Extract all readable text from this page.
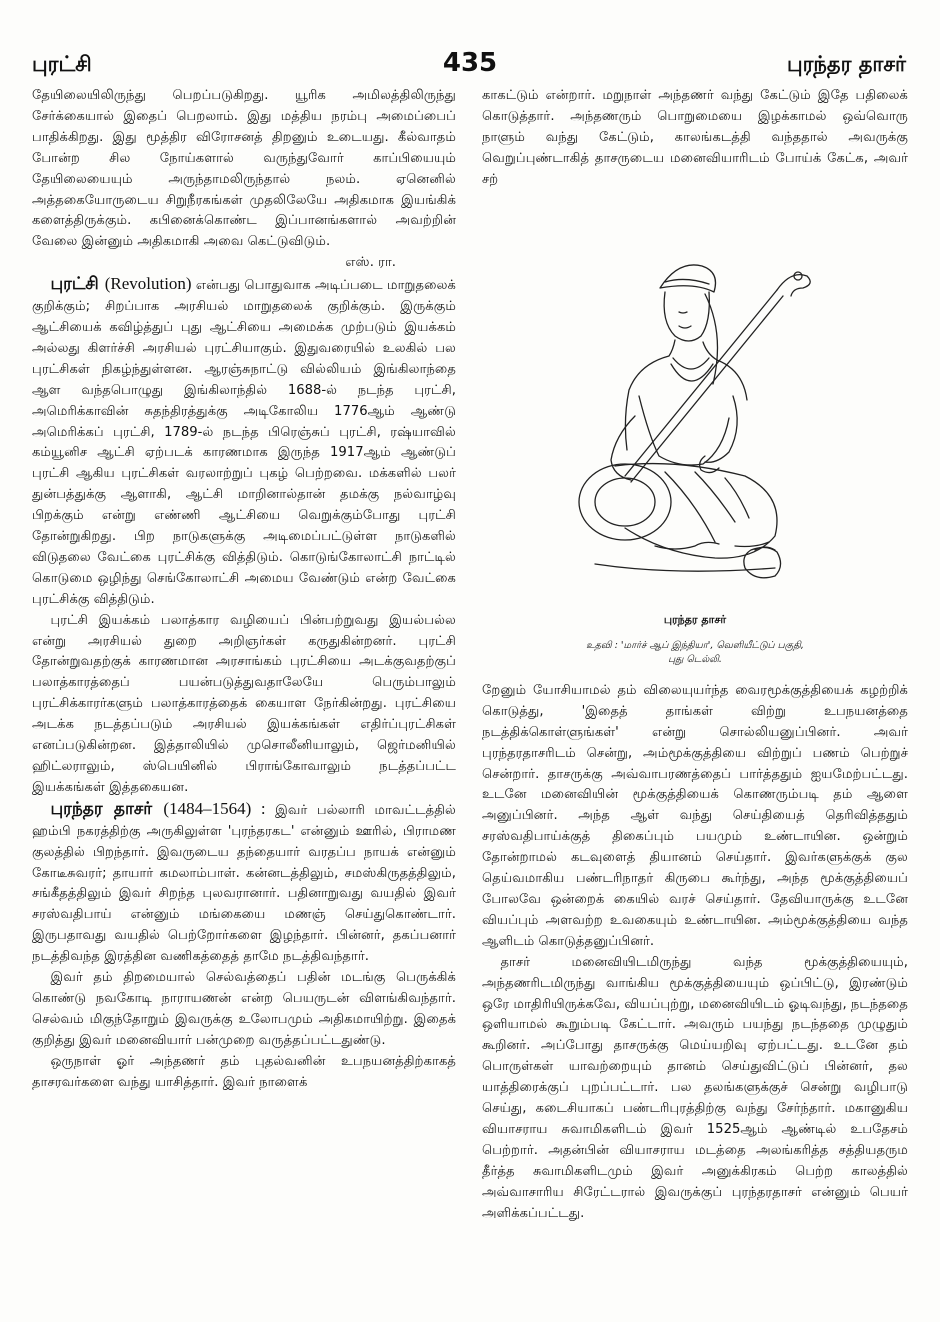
புரட்சி	435	புரந்தர தாசர்

தேயிலையிலிருந்து பெறப்படுகிறது. யூரிக அமிலத்திலிருந்து சேர்க்கையால் இதைப் பெறலாம். இது மத்திய நரம்பு அமைப்பைப் பாதிக்கிறது. இது மூத்திர விரோசனத் திறனும் உடையது. கீல்வாதம் போன்ற சில நோய்களால் வருந்துவோர் காப்பியையும் தேயிலையையும் அருந்தாமலிருந்தால் நலம். ஏனெனில் அத்தகையோருடைய சிறுநீரகங்கள் முதலிலேயே அதிகமாக இயங்கிக் களைத்திருக்கும். கபினைக்கொண்ட இப்பானங்களால் அவற்றின் வேலை இன்னும் அதிகமாகி அவை கெட்டுவிடும்.

எஸ். ரா.

புரட்சி (Revolution) என்பது பொதுவாக அடிப்படை மாறுதலைக் குறிக்கும்; சிறப்பாக அரசியல் மாறுதலைக் குறிக்கும். இருக்கும் ஆட்சியைக் கவிழ்த்துப் புது ஆட்சியை அமைக்க முற்படும் இயக்கம் அல்லது கிளர்ச்சி அரசியல் புரட்சியாகும். இதுவரையில் உலகில் பல புரட்சிகள் நிகழ்ந்துள்ளன. ஆரஞ்சுநாட்டு வில்லியம் இங்கிலாந்தை ஆள வந்தபொழுது இங்கிலாந்தில் 1688-ல் நடந்த புரட்சி, அமெரிக்காவின் சுதந்திரத்துக்கு அடிகோலிய 1776ஆம் ஆண்டு அமெரிக்கப் புரட்சி, 1789-ல் நடந்த பிரெஞ்சுப் புரட்சி, ரஷ்யாவில் கம்யூனிச ஆட்சி ஏற்படக் காரணமாக இருந்த 1917ஆம் ஆண்டுப் புரட்சி ஆகிய புரட்சிகள் வரலாற்றுப் புகழ் பெற்றவை. மக்களில் பலர் துன்பத்துக்கு ஆளாகி, ஆட்சி மாறினால்தான் தமக்கு நல்வாழ்வு பிறக்கும் என்று எண்ணி ஆட்சியை வெறுக்கும்போது புரட்சி தோன்றுகிறது. பிற நாடுகளுக்கு அடிமைப்பட்டுள்ள நாடுகளில் விடுதலை வேட்கை புரட்சிக்கு வித்திடும். கொடுங்கோலாட்சி நாட்டில் கொடுமை ஒழிந்து செங்கோலாட்சி அமைய வேண்டும் என்ற வேட்கை புரட்சிக்கு வித்திடும்.

புரட்சி இயக்கம் பலாத்கார வழியைப் பின்பற்றுவது இயல்பல்ல என்று அரசியல் துறை அறிஞர்கள் கருதுகின்றனர். புரட்சி தோன்றுவதற்குக் காரணமான அரசாங்கம் புரட்சியை அடக்குவதற்குப் பலாத்காரத்தைப் பயன்படுத்துவதாலேயே பெரும்பாலும் புரட்சிக்காரர்களும் பலாத்காரத்தைக் கையாள நேர்கின்றது. புரட்சியை அடக்க நடத்தப்படும் அரசியல் இயக்கங்கள் எதிர்ப்புரட்சிகள் எனப்படுகின்றன. இத்தாலியில் முசொலீனியாலும், ஜெர்மனியில் ஹிட்லராலும், ஸ்பெயினில் பிராங்கோவாலும் நடத்தப்பட்ட இயக்கங்கள் இத்தகையன.

புரந்தர தாசர் (1484–1564) : இவர் பல்லாரி மாவட்டத்தில் ஹம்பி நகரத்திற்கு அருகிலுள்ள 'புரந்தரகட' என்னும் ஊரில், பிராமண குலத்தில் பிறந்தார். இவருடைய தந்தையார் வரதப்ப நாயக் என்னும் கோடீசுவரர்; தாயார் கமலாம்பாள். கன்னடத்திலும், சமஸ்கிருதத்திலும், சங்கீதத்திலும் இவர் சிறந்த புலவரானார். பதினாறுவது வயதில் இவர் சரஸ்வதிபாய் என்னும் மங்கையை மணஞ் செய்துகொண்டார். இருபதாவது வயதில் பெற்றோர்களை இழந்தார். பின்னர், தகப்பனார் நடத்திவந்த இரத்தின வணிகத்தைத் தாமே நடத்திவந்தார்.

இவர் தம் திறமையால் செல்வத்தைப் பதின் மடங்கு பெருக்கிக் கொண்டு நவகோடி நாராயணன் என்ற பெயருடன் விளங்கிவந்தார். செல்வம் மிகுந்தோறும் இவருக்கு உலோபமும் அதிகமாயிற்று. இதைக் குறித்து இவர் மனைவியார் பன்முறை வருத்தப்பட்டதுண்டு.

ஒருநாள் ஓர் அந்தணர் தம் புதல்வனின் உபநயனத்திற்காகத் தாசரவர்களை வந்து யாசித்தார். இவர் நாளைக்

காகட்டும் என்றார். மறுநாள் அந்தணர் வந்து கேட்டும் இதே பதிலைக் கொடுத்தார். அந்தணரும் பொறுமையை இழக்காமல் ஒவ்வொரு நாளும் வந்து கேட்டும், காலங்கடத்தி வந்ததால் அவருக்கு வெறுப்புண்டாகித் தாசருடைய மனைவியாரிடம் போய்க் கேட்க, அவர் சற்

புரந்தர தாசர்
உதவி : 'மார்ச் ஆப் இந்தியா', வெளியீட்டுப் பகுதி,
புது டெல்லி.

றேனும் யோசியாமல் தம் விலையுயர்ந்த வைரமூக்குத்தியைக் கழற்றிக் கொடுத்து, 'இதைத் தாங்கள் விற்று உபநயனத்தை நடத்திக்கொள்ளுங்கள்' என்று சொல்லியனுப்பினர். அவர் புரந்தரதாசரிடம் சென்று, அம்மூக்குத்தியை விற்றுப் பணம் பெற்றுச் சென்றார். தாசருக்கு அவ்வாபரணத்தைப் பார்த்ததும் ஐயமேற்பட்டது. உடனே மனைவியின் மூக்குத்தியைக் கொணரும்படி தம் ஆளை அனுப்பினர். அந்த ஆள் வந்து செய்தியைத் தெரிவித்ததும் சரஸ்வதிபாய்க்குத் திகைப்பும் பயமும் உண்டாயின. ஒன்றும் தோன்றாமல் கடவுளைத் தியானம் செய்தார். இவர்களுக்குக் குல தெய்வமாகிய பண்டரிநாதர் கிருபை கூர்ந்து, அந்த மூக்குத்தியைப் போலவே ஒன்றைக் கையில் வரச் செய்தார். தேவியாருக்கு உடனே வியப்பும் அளவற்ற உவகையும் உண்டாயின. அம்மூக்குத்தியை வந்த ஆளிடம் கொடுத்தனுப்பினர்.

தாசர் மனைவியிடமிருந்து வந்த மூக்குத்தியையும், அந்தணரிடமிருந்து வாங்கிய மூக்குத்தியையும் ஒப்பிட்டு, இரண்டும் ஒரே மாதிரியிருக்கவே, வியப்புற்று, மனைவியிடம் ஓடிவந்து, நடந்ததை ஒளியாமல் கூறும்படி கேட்டார். அவரும் பயந்து நடந்ததை முழுதும் கூறினர். அப்போது தாசருக்கு மெய்யறிவு ஏற்பட்டது. உடனே தம் பொருள்கள் யாவற்றையும் தானம் செய்துவிட்டுப் பின்னர், தல யாத்திரைக்குப் புறப்பட்டார். பல தலங்களுக்குச் சென்று வழிபாடு செய்து, கடைசியாகப் பண்டரிபுரத்திற்கு வந்து சேர்ந்தார். மகானுகிய வியாசராய சுவாமிகளிடம் இவர் 1525ஆம் ஆண்டில் உபதேசம் பெற்றார். அதன்பின் வியாசராய மடத்தை அலங்கரித்த சத்தியதரும தீர்த்த சுவாமிகளிடமும் இவர் அனுக்கிரகம் பெற்ற காலத்தில் அவ்வாசாரிய சிரேட்டரால் இவருக்குப் புரந்தரதாசர் என்னும் பெயர் அளிக்கப்பட்டது.
